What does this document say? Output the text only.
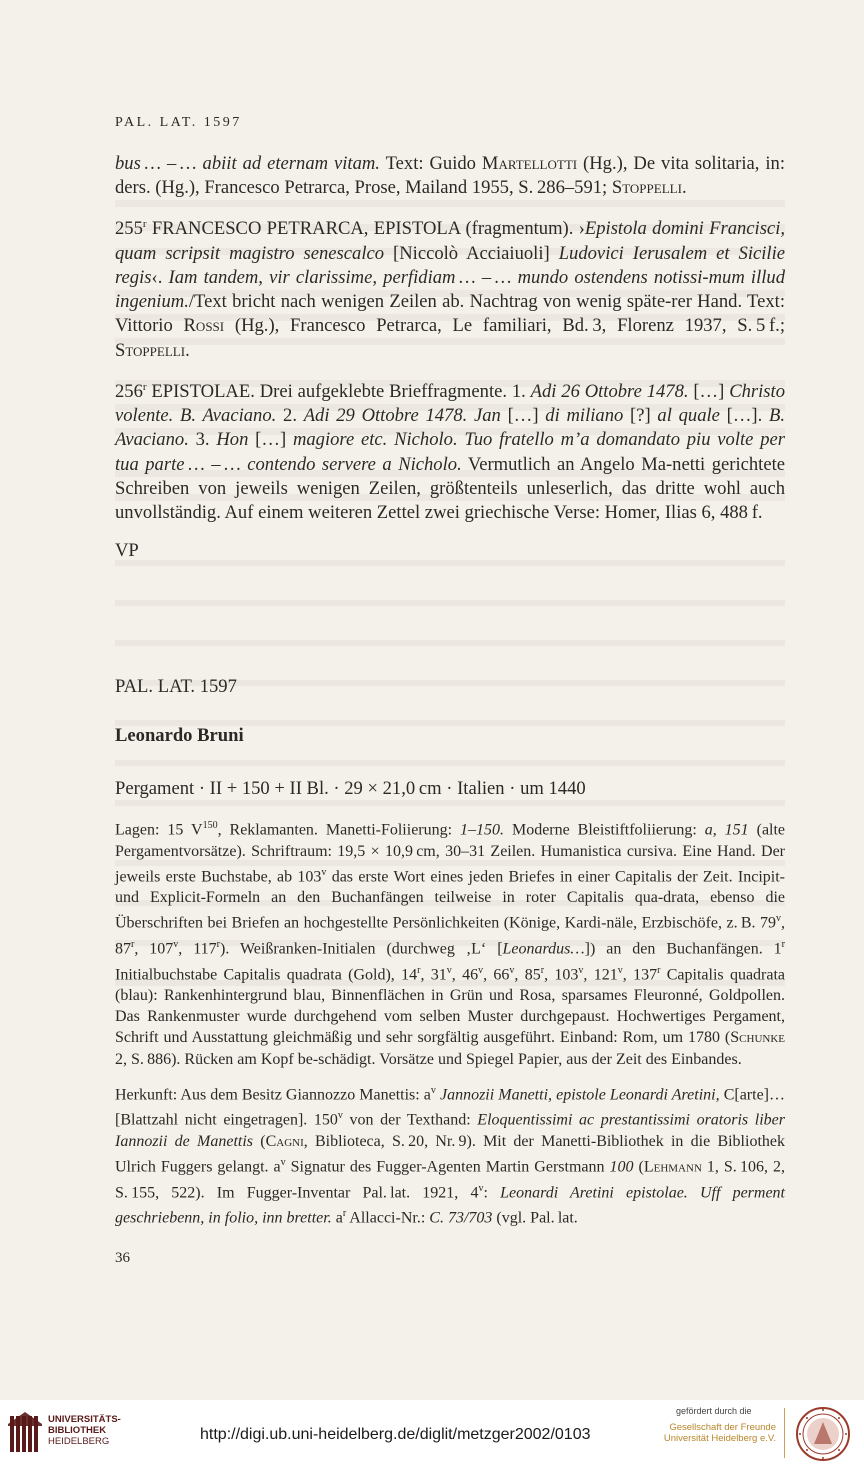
PAL. LAT. 1597

bus … – … abiit ad eternam vitam. Text: Guido Martellotti (Hg.), De vita solitaria, in: ders. (Hg.), Francesco Petrarca, Prose, Mailand 1955, S. 286–591; Stoppelli.

255$^r$ FRANCESCO PETRARCA, EPISTOLA (fragmentum). ›Epistola domini Francisci, quam scripsit magistro senescalco [Niccolò Acciaiuoli] Ludovici Ierusalem et Sicilie regis‹. Iam tandem, vir clarissime, perfidiam … – … mundo ostendens notissi-mum illud ingenium./Text bricht nach wenigen Zeilen ab. Nachtrag von wenig späte-rer Hand. Text: Vittorio Rossi (Hg.), Francesco Petrarca, Le familiari, Bd. 3, Florenz 1937, S. 5 f.; Stoppelli.

256$^r$ EPISTOLAE. Drei aufgeklebte Brieffragmente. 1. Adi 26 Ottobre 1478. […] Christo volente. B. Avaciano. 2. Adi 29 Ottobre 1478. Jan […] di miliano [?] al quale […]. B. Avaciano. 3. Hon […] magiore etc. Nicholo. Tuo fratello m’a domandato piu volte per tua parte … – … contendo servere a Nicholo. Vermutlich an Angelo Ma-netti gerichtete Schreiben von jeweils wenigen Zeilen, größtenteils unleserlich, das dritte wohl auch unvollständig. Auf einem weiteren Zettel zwei griechische Verse: Homer, Ilias 6, 488 f.

VP

PAL. LAT. 1597
Leonardo Bruni
Pergament · II + 150 + II Bl. · 29 × 21,0 cm · Italien · um 1440

Lagen: 15 $V^{150}$, Reklamanten. Manetti-Foliierung: 1–150. Moderne Bleistiftfoliierung: a, 151 (alte Pergamentvorsätze). Schriftraum: 19,5 × 10,9 cm, 30–31 Zeilen. Humanistica cursiva. Eine Hand. Der jeweils erste Buchstabe, ab 103$^v$ das erste Wort eines jeden Briefes in einer Capitalis der Zeit. Incipit- und Explicit-Formeln an den Buchanfängen teilweise in roter Capitalis qua-drata, ebenso die Überschriften bei Briefen an hochgestellte Persönlichkeiten (Könige, Kardi-näle, Erzbischöfe, z. B. 79$^v$, 87$^r$, 107$^v$, 117$^r$). Weißranken-Initialen (durchweg ‚L‘ [Leonardus…]) an den Buchanfängen. 1$^r$ Initialbuchstabe Capitalis quadrata (Gold), 14$^r$, 31$^v$, 46$^v$, 66$^v$, 85$^r$, 103$^v$, 121$^v$, 137$^r$ Capitalis quadrata (blau): Rankenhintergrund blau, Binnenflächen in Grün und Rosa, sparsames Fleuronné, Goldpollen. Das Rankenmuster wurde durchgehend vom selben Muster durchgepaust. Hochwertiges Pergament, Schrift und Ausstattung gleichmäßig und sehr sorgfältig ausgeführt. Einband: Rom, um 1780 (Schunke 2, S. 886). Rücken am Kopf be-schädigt. Vorsätze und Spiegel Papier, aus der Zeit des Einbandes.

Herkunft: Aus dem Besitz Giannozzo Manettis: $a^v$ Jannozii Manetti, epistole Leonardi Aretini, C[arte]… [Blattzahl nicht eingetragen]. 150$^v$ von der Texthand: Eloquentissimi ac prestantissimi oratoris liber Iannozii de Manettis (Cagni, Biblioteca, S. 20, Nr. 9). Mit der Manetti-Bibliothek in die Bibliothek Ulrich Fuggers gelangt. $a^v$ Signatur des Fugger-Agenten Martin Gerstmann 100 (Lehmann 1, S. 106, 2, S. 155, 522). Im Fugger-Inventar Pal. lat. 1921, 4$^v$: Leonardi Aretini epistolae. Uff perment geschriebenn, in folio, inn bretter. $a^r$ Allacci-Nr.: C. 73/703 (vgl. Pal. lat.

36
UNIVERSITÄTS-
BIBLIOTHEK
HEIDELBERG	http://digi.ub.uni-heidelberg.de/diglit/metzger2002/0103
gefördert durch die
Gesellschaft der Freunde
Universität Heidelberg e.V.
